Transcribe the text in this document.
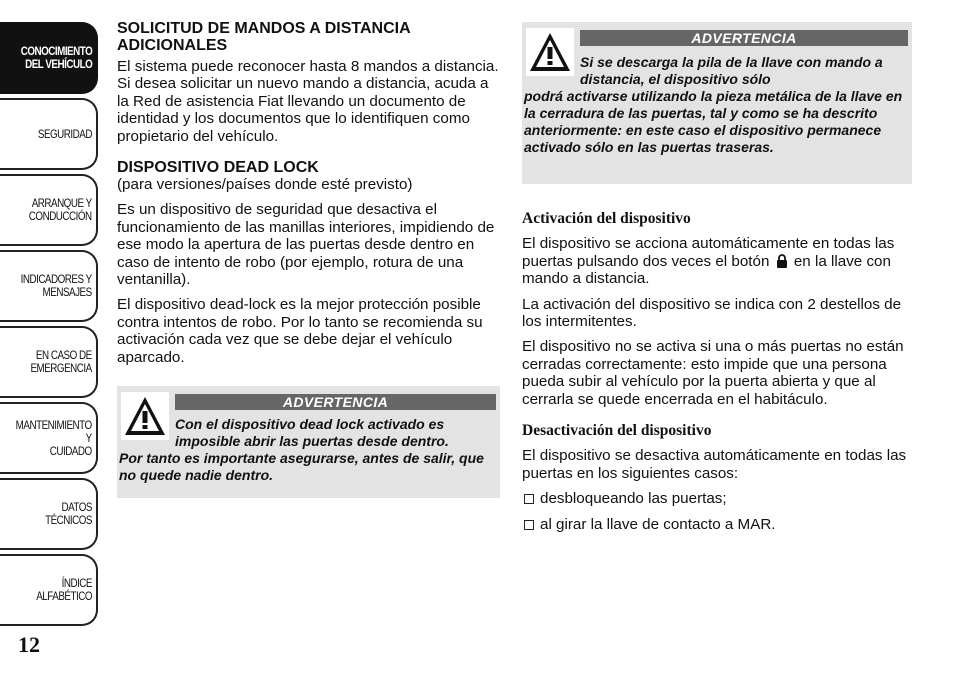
CONOCIMIENTO
DEL VEHÍCULO
SEGURIDAD
ARRANQUE Y
CONDUCCIÓN
INDICADORES Y
MENSAJES
EN CASO DE
EMERGENCIA
MANTENIMIENTO Y
CUIDADO
DATOS TÉCNICOS
ÍNDICE ALFABÉTICO
12
SOLICITUD DE MANDOS A DISTANCIA ADICIONALES

El sistema puede reconocer hasta 8 mandos a distancia. Si desea solicitar un nuevo mando a distancia, acuda a la Red de asistencia Fiat llevando un documento de identidad y los documentos que lo identifiquen como propietario del vehículo.

DISPOSITIVO DEAD LOCK

(para versiones/países donde esté previsto)

Es un dispositivo de seguridad que desactiva el funcionamiento de las manillas interiores, impidiendo de ese modo la apertura de las puertas desde dentro en caso de intento de robo (por ejemplo, rotura de una ventanilla).

El dispositivo dead-lock es la mejor protección posible contra intentos de robo. Por lo tanto se recomienda su activación cada vez que se debe dejar el vehículo aparcado.

ADVERTENCIA
Con el dispositivo dead lock activado es imposible abrir las puertas desde dentro.
Por tanto es importante asegurarse, antes de salir, que no quede nadie dentro.
ADVERTENCIA
Si se descarga la pila de la llave con mando a distancia, el dispositivo sólo
podrá activarse utilizando la pieza metálica de la llave en la cerradura de las puertas, tal y como se ha descrito anteriormente: en este caso el dispositivo permanece activado sólo en las puertas traseras.
Activación del dispositivo

El dispositivo se acciona automáticamente en todas las puertas pulsando dos veces el botón en la llave con mando a distancia.

La activación del dispositivo se indica con 2 destellos de los intermitentes.

El dispositivo no se activa si una o más puertas no están cerradas correctamente: esto impide que una persona pueda subir al vehículo por la puerta abierta y que al cerrarla se quede encerrada en el habitáculo.

Desactivación del dispositivo

El dispositivo se desactiva automáticamente en todas las puertas en los siguientes casos:

desbloqueando las puertas;
al girar la llave de contacto a MAR.
